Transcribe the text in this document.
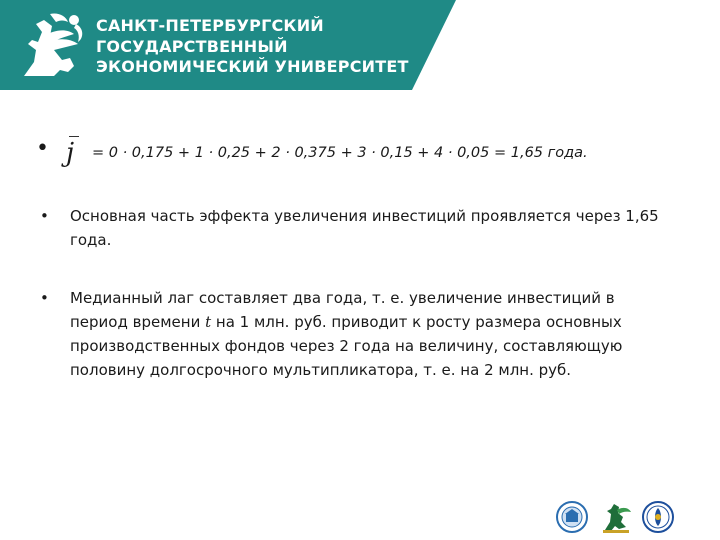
САНКТ-ПЕТЕРБУРГСКИЙ
ГОСУДАРСТВЕННЫЙ
ЭКОНОМИЧЕСКИЙ УНИВЕРСИТЕТ
• j = 0 · 0,175 + 1 · 0,25 + 2 · 0,375 + 3 · 0,15 + 4 · 0,05 = 1,65 года.
• Основная часть эффекта увеличения инвестиций проявляется через 1,65 года.
• Медианный лаг составляет два года, т. е. увеличение инвестиций в период времени t на 1 млн. руб. приводит к росту размера основных производственных фондов через 2 года на величину, составляющую половину долгосрочного мультипликатора, т. е. на 2 млн. руб.
